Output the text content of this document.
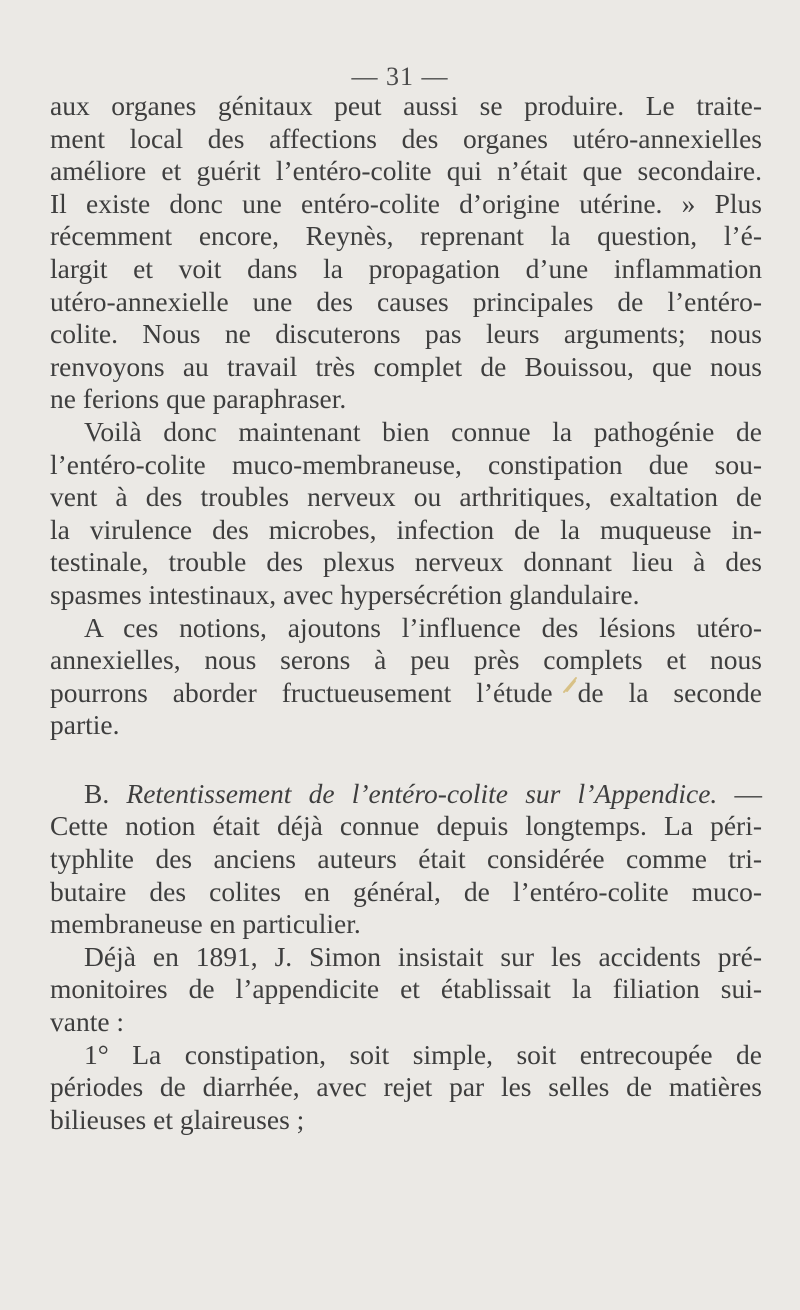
— 31 —
aux organes génitaux peut aussi se produire. Le traite-
ment local des affections des organes utéro-annexielles
améliore et guérit l’entéro-colite qui n’était que secondaire.
Il existe donc une entéro-colite d’origine utérine. » Plus
récemment encore, Reynès, reprenant la question, l’é-
largit et voit dans la propagation d’une inflammation
utéro-annexielle une des causes principales de l’entéro-
colite. Nous ne discuterons pas leurs arguments; nous
renvoyons au travail très complet de Bouissou, que nous
ne ferions que paraphraser.
Voilà donc maintenant bien connue la pathogénie de
l’entéro-colite muco-membraneuse, constipation due sou-
vent à des troubles nerveux ou arthritiques, exaltation de
la virulence des microbes, infection de la muqueuse in-
testinale, trouble des plexus nerveux donnant lieu à des
spasmes intestinaux, avec hypersécrétion glandulaire.
A ces notions, ajoutons l’influence des lésions utéro-
annexielles, nous serons à peu près complets et nous
pourrons aborder fructueusement l’étude de la seconde
partie.
B. Retentissement de l’entéro-colite sur l’Appendice. —
Cette notion était déjà connue depuis longtemps. La péri-
typhlite des anciens auteurs était considérée comme tri-
butaire des colites en général, de l’entéro-colite muco-
membraneuse en particulier.
Déjà en 1891, J. Simon insistait sur les accidents pré-
monitoires de l’appendicite et établissait la filiation sui-
vante :
1° La constipation, soit simple, soit entrecoupée de
périodes de diarrhée, avec rejet par les selles de matières
bilieuses et glaireuses ;
